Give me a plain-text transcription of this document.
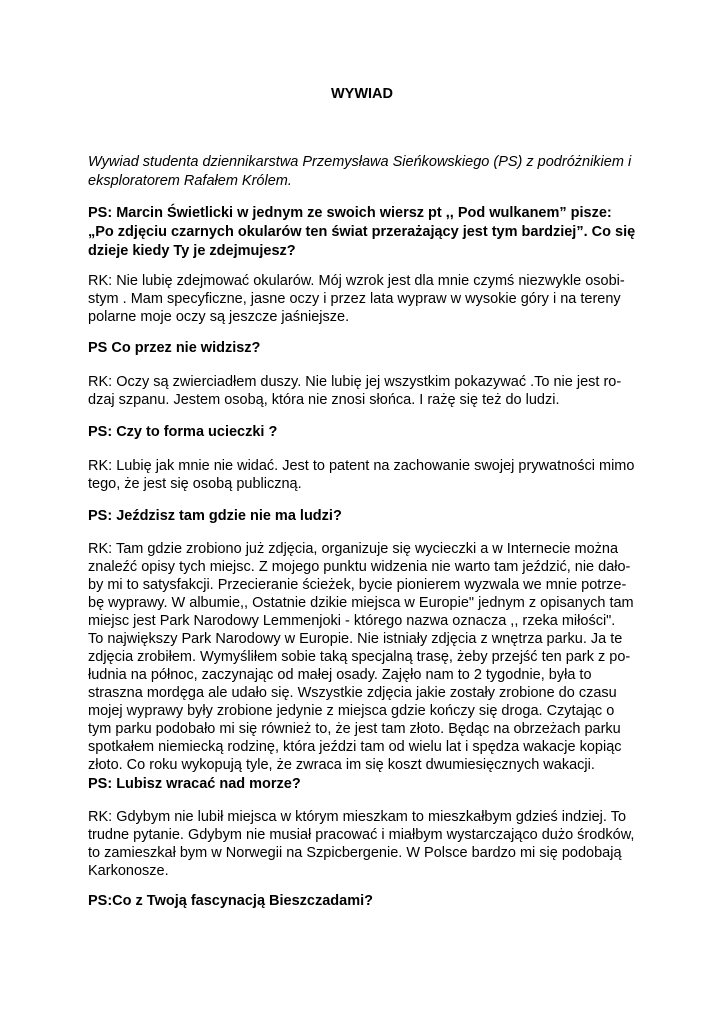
WYWIAD

Wywiad studenta dziennikarstwa Przemysława Sieńkowskiego (PS) z podróżnikiem i
eksploratorem Rafałem Królem.

PS: Marcin Świetlicki w jednym ze swoich wiersz pt ,, Pod wulkanem” pisze:
„Po zdjęciu czarnych okularów ten świat przerażający jest tym bardziej”. Co się
dzieje kiedy Ty je zdejmujesz?

RK: Nie lubię zdejmować okularów. Mój wzrok jest dla mnie czymś niezwykle osobi-
stym . Mam specyficzne, jasne oczy i przez lata wypraw w wysokie góry i na tereny
polarne moje oczy są jeszcze jaśniejsze.

PS Co przez nie widzisz?

RK: Oczy są zwierciadłem duszy. Nie lubię jej wszystkim pokazywać .To nie jest ro-
dzaj szpanu. Jestem osobą, która nie znosi słońca. I rażę się też do ludzi.

PS: Czy to forma ucieczki ?

RK: Lubię jak mnie nie widać. Jest to patent na zachowanie swojej prywatności mimo
tego, że jest się osobą publiczną.

PS: Jeździsz tam gdzie nie ma ludzi?

RK: Tam gdzie zrobiono już zdjęcia, organizuje się wycieczki a w Internecie można
znaleźć opisy tych miejsc. Z mojego punktu widzenia nie warto tam jeździć, nie dało-
by mi to satysfakcji. Przecieranie ścieżek, bycie pionierem wyzwala we mnie potrze-
bę wyprawy. W albumie,, Ostatnie dzikie miejsca w Europie" jednym z opisanych tam
miejsc jest Park Narodowy Lemmenjoki - którego nazwa oznacza ,, rzeka miłości".
To największy Park Narodowy w Europie. Nie istniały zdjęcia z wnętrza parku. Ja te
zdjęcia zrobiłem. Wymyśliłem sobie taką specjalną trasę, żeby przejść ten park z po-
łudnia na północ, zaczynając od małej osady. Zajęło nam to 2 tygodnie, była to
straszna mordęga ale udało się. Wszystkie zdjęcia jakie zostały zrobione do czasu
mojej wyprawy były zrobione jedynie z miejsca gdzie kończy się droga. Czytając o
tym parku podobało mi się również to, że jest tam złoto. Będąc na obrzeżach parku
spotkałem niemiecką rodzinę, która jeździ tam od wielu lat i spędza wakacje kopiąc
złoto. Co roku wykopują tyle, że zwraca im się koszt dwumiesięcznych wakacji.

PS: Lubisz wracać nad morze?

RK: Gdybym nie lubił miejsca w którym mieszkam to mieszkałbym gdzieś indziej. To
trudne pytanie. Gdybym nie musiał pracować i miałbym wystarczająco dużo środków,
to zamieszkał bym w Norwegii na Szpicbergenie. W Polsce bardzo mi się podobają
Karkonosze.

PS:Co z Twoją fascynacją Bieszczadami?
